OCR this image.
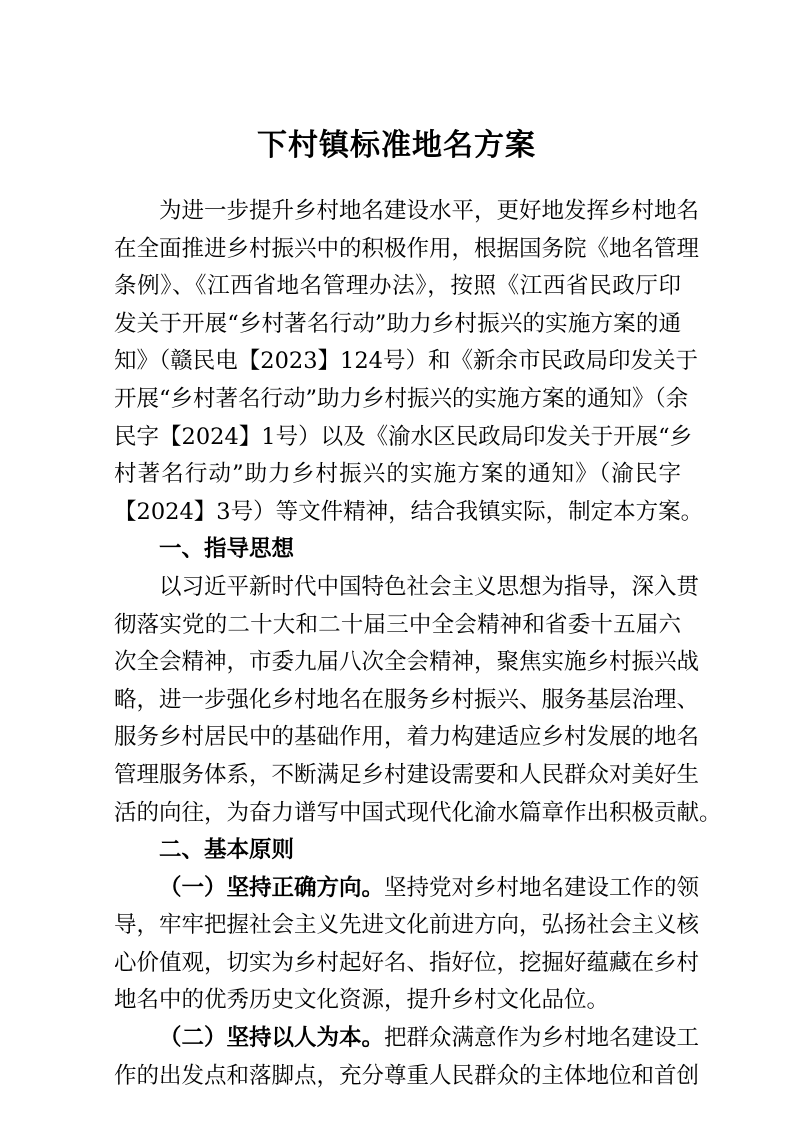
下村镇标准地名方案
为进一步提升乡村地名建设水平，更好地发挥乡村地名
在全面推进乡村振兴中的积极作用，根据国务院《地名管理
条例》、《江西省地名管理办法》，按照《江西省民政厅印
发关于开展“乡村著名行动”助力乡村振兴的实施方案的通
知》（赣民电【2023】124号）和《新余市民政局印发关于
开展“乡村著名行动”助力乡村振兴的实施方案的通知》（余
民字【2024】1号）以及《渝水区民政局印发关于开展“乡
村著名行动”助力乡村振兴的实施方案的通知》（渝民字
【2024】3号）等文件精神，结合我镇实际，制定本方案。
一、指导思想
以习近平新时代中国特色社会主义思想为指导，深入贯
彻落实党的二十大和二十届三中全会精神和省委十五届六
次全会精神，市委九届八次全会精神，聚焦实施乡村振兴战
略，进一步强化乡村地名在服务乡村振兴、服务基层治理、
服务乡村居民中的基础作用，着力构建适应乡村发展的地名
管理服务体系，不断满足乡村建设需要和人民群众对美好生
活的向往，为奋力谱写中国式现代化渝水篇章作出积极贡献。
二、基本原则
（一）坚持正确方向。坚持党对乡村地名建设工作的领
导，牢牢把握社会主义先进文化前进方向，弘扬社会主义核
心价值观，切实为乡村起好名、指好位，挖掘好蕴藏在乡村
地名中的优秀历史文化资源，提升乡村文化品位。
（二）坚持以人为本。把群众满意作为乡村地名建设工
作的出发点和落脚点，充分尊重人民群众的主体地位和首创
